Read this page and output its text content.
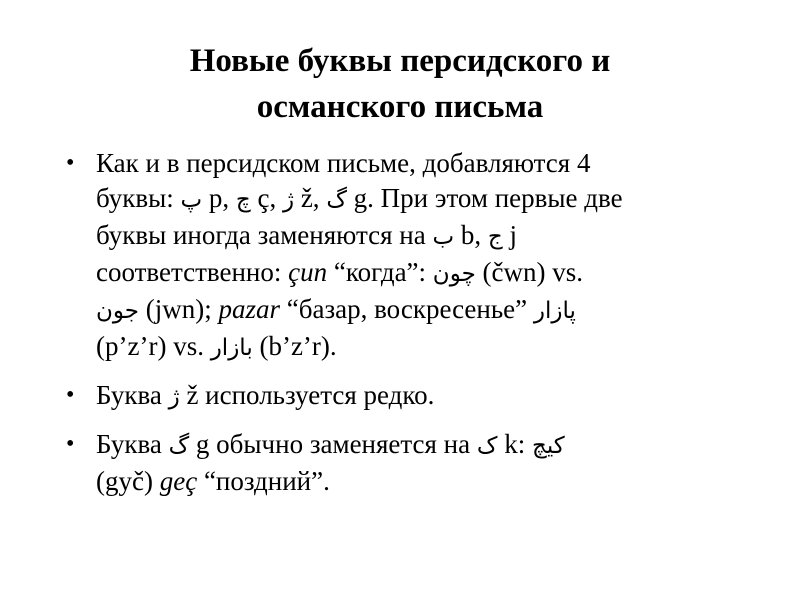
Новые буквы персидского и
османского письма
• Как и в персидском письме, добавляются 4
буквы: پ p, چ ç, ژ ž, گ g. При этом первые две
буквы иногда заменяются на ب b, ج j
соответственно: çun “когда”: چون (čwn) vs.
جون (jwn); pazar “базар, воскресенье” پازار
(p’z’r) vs. بازار (b’z’r).
• Буква ژ ž используется редко.
• Буква گ g обычно заменяется на ک k: كيچ
(gyč) geç “поздний”.
